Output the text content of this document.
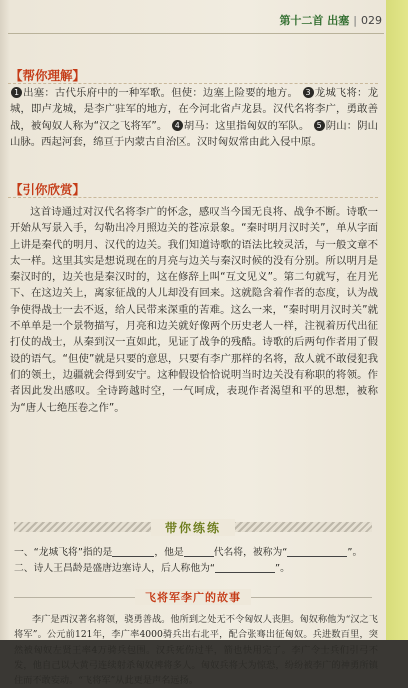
第十二首 出塞 | 029
【帮你理解】
1 出塞：古代乐府中的一种军歌。但使：边塞上险要的地方。 3 龙城飞将：龙城，即卢龙城，是李广驻军的地方，在今河北省卢龙县。汉代名将李广，勇敢善战，被匈奴人称为“汉之飞将军”。 4 胡马：这里指匈奴的军队。 5 阴山：阴山山脉。西起河套，绵亘于内蒙古自治区。汉时匈奴常由此入侵中原。
【引你欣赏】
这首诗通过对汉代名将李广的怀念，感叹当今国无良将、战争不断。诗歌一开始从写景入手，勾勒出冷月照边关的苍凉景象。“秦时明月汉时关”，单从字面上讲是秦代的明月、汉代的边关。我们知道诗歌的语法比较灵活，与一般文章不太一样。这里其实是想说现在的月亮与边关与秦汉时候的没有分别。所以明月是秦汉时的，边关也是秦汉时的，这在修辞上叫“互文见义”。第二句就写，在月光下、在这边关上，离家征战的人儿却没有回来。这就隐含着作者的态度，认为战争使得战士一去不返，给人民带来深重的苦难。这么一来，“秦时明月汉时关”就不单单是一个景物描写，月亮和边关就好像两个历史老人一样，注视着历代出征打仗的战士，从秦到汉一直如此，见证了战争的残酷。诗歌的后两句作者用了假设的语气。“但使”就是只要的意思，只要有李广那样的名将，敌人就不敢侵犯我们的领土，边疆就会得到安宁。这种假设恰恰说明当时边关没有称职的将领。作者因此发出感叹。全诗跨越时空，一气呵成，表现作者渴望和平的思想，被称为“唐人七绝压卷之作”。
带你练练
一、“龙城飞将”指的是	，他是	代名将，被称为“	”。
二、诗人王昌龄是盛唐边塞诗人，后人称他为“	”。
飞将军李广的故事
李广是西汉著名将领，骁勇善战。他所到之处无不令匈奴人丧胆。匈奴称他为“汉之飞将军”。公元前121年，李广率4000骑兵出右北平，配合张骞出征匈奴。兵进数百里，突然被匈奴左贤王率4万骑兵包围。汉兵死伤过半，箭也快用完了。李广令士兵们引弓不发，他自己以大黄弓连续射杀匈奴裨将多人。匈奴兵将大为惊恐，纷纷被李广的神勇所镇住而不敢妄动。“飞将军”从此更是声名远扬。
